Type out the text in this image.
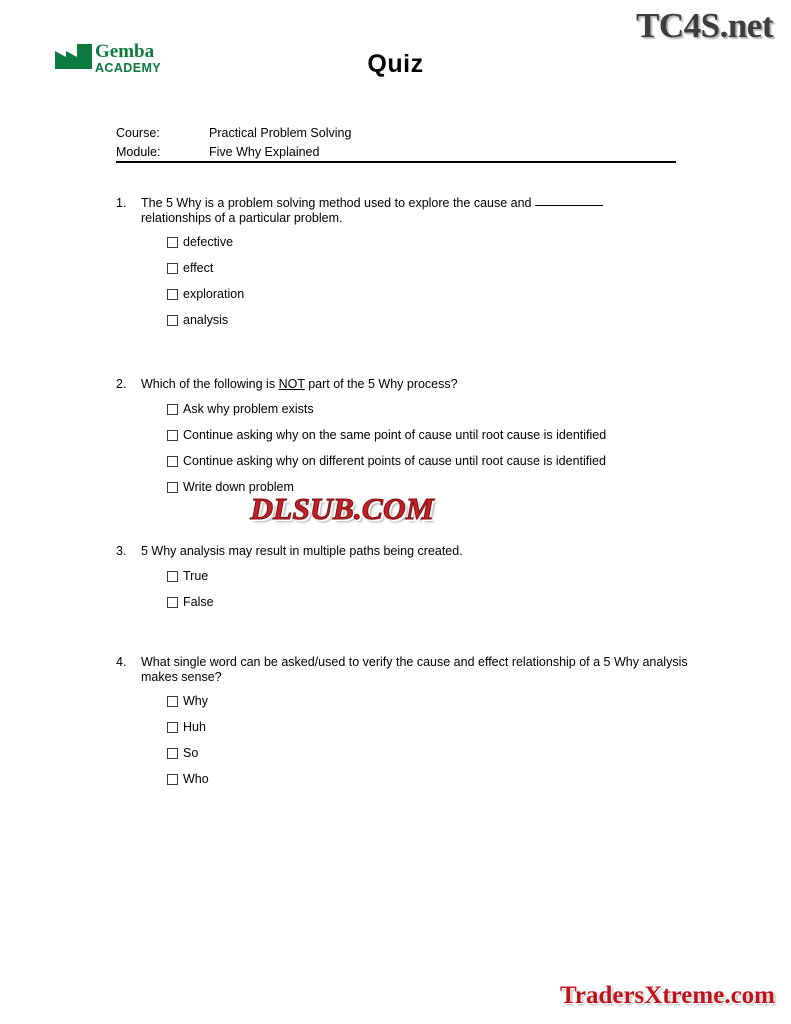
TC4S.net
Gemba
ACADEMY	Quiz
Course:	Practical Problem Solving
Module:	Five Why Explained
1.	The 5 Why is a problem solving method used to explore the cause and
relationships of a particular problem.
defective
effect
exploration
analysis
2.	Which of the following is NOT part of the 5 Why process?
Ask why problem exists
Continue asking why on the same point of cause until root cause is identified
Continue asking why on different points of cause until root cause is identified
Write down problem
3.	5 Why analysis may result in multiple paths being created.
True
False
4.	What single word can be asked/used to verify the cause and effect relationship of a 5 Why analysis makes sense?
Why
Huh
So
Who
DLSUB.COM
TradersXtreme.com
